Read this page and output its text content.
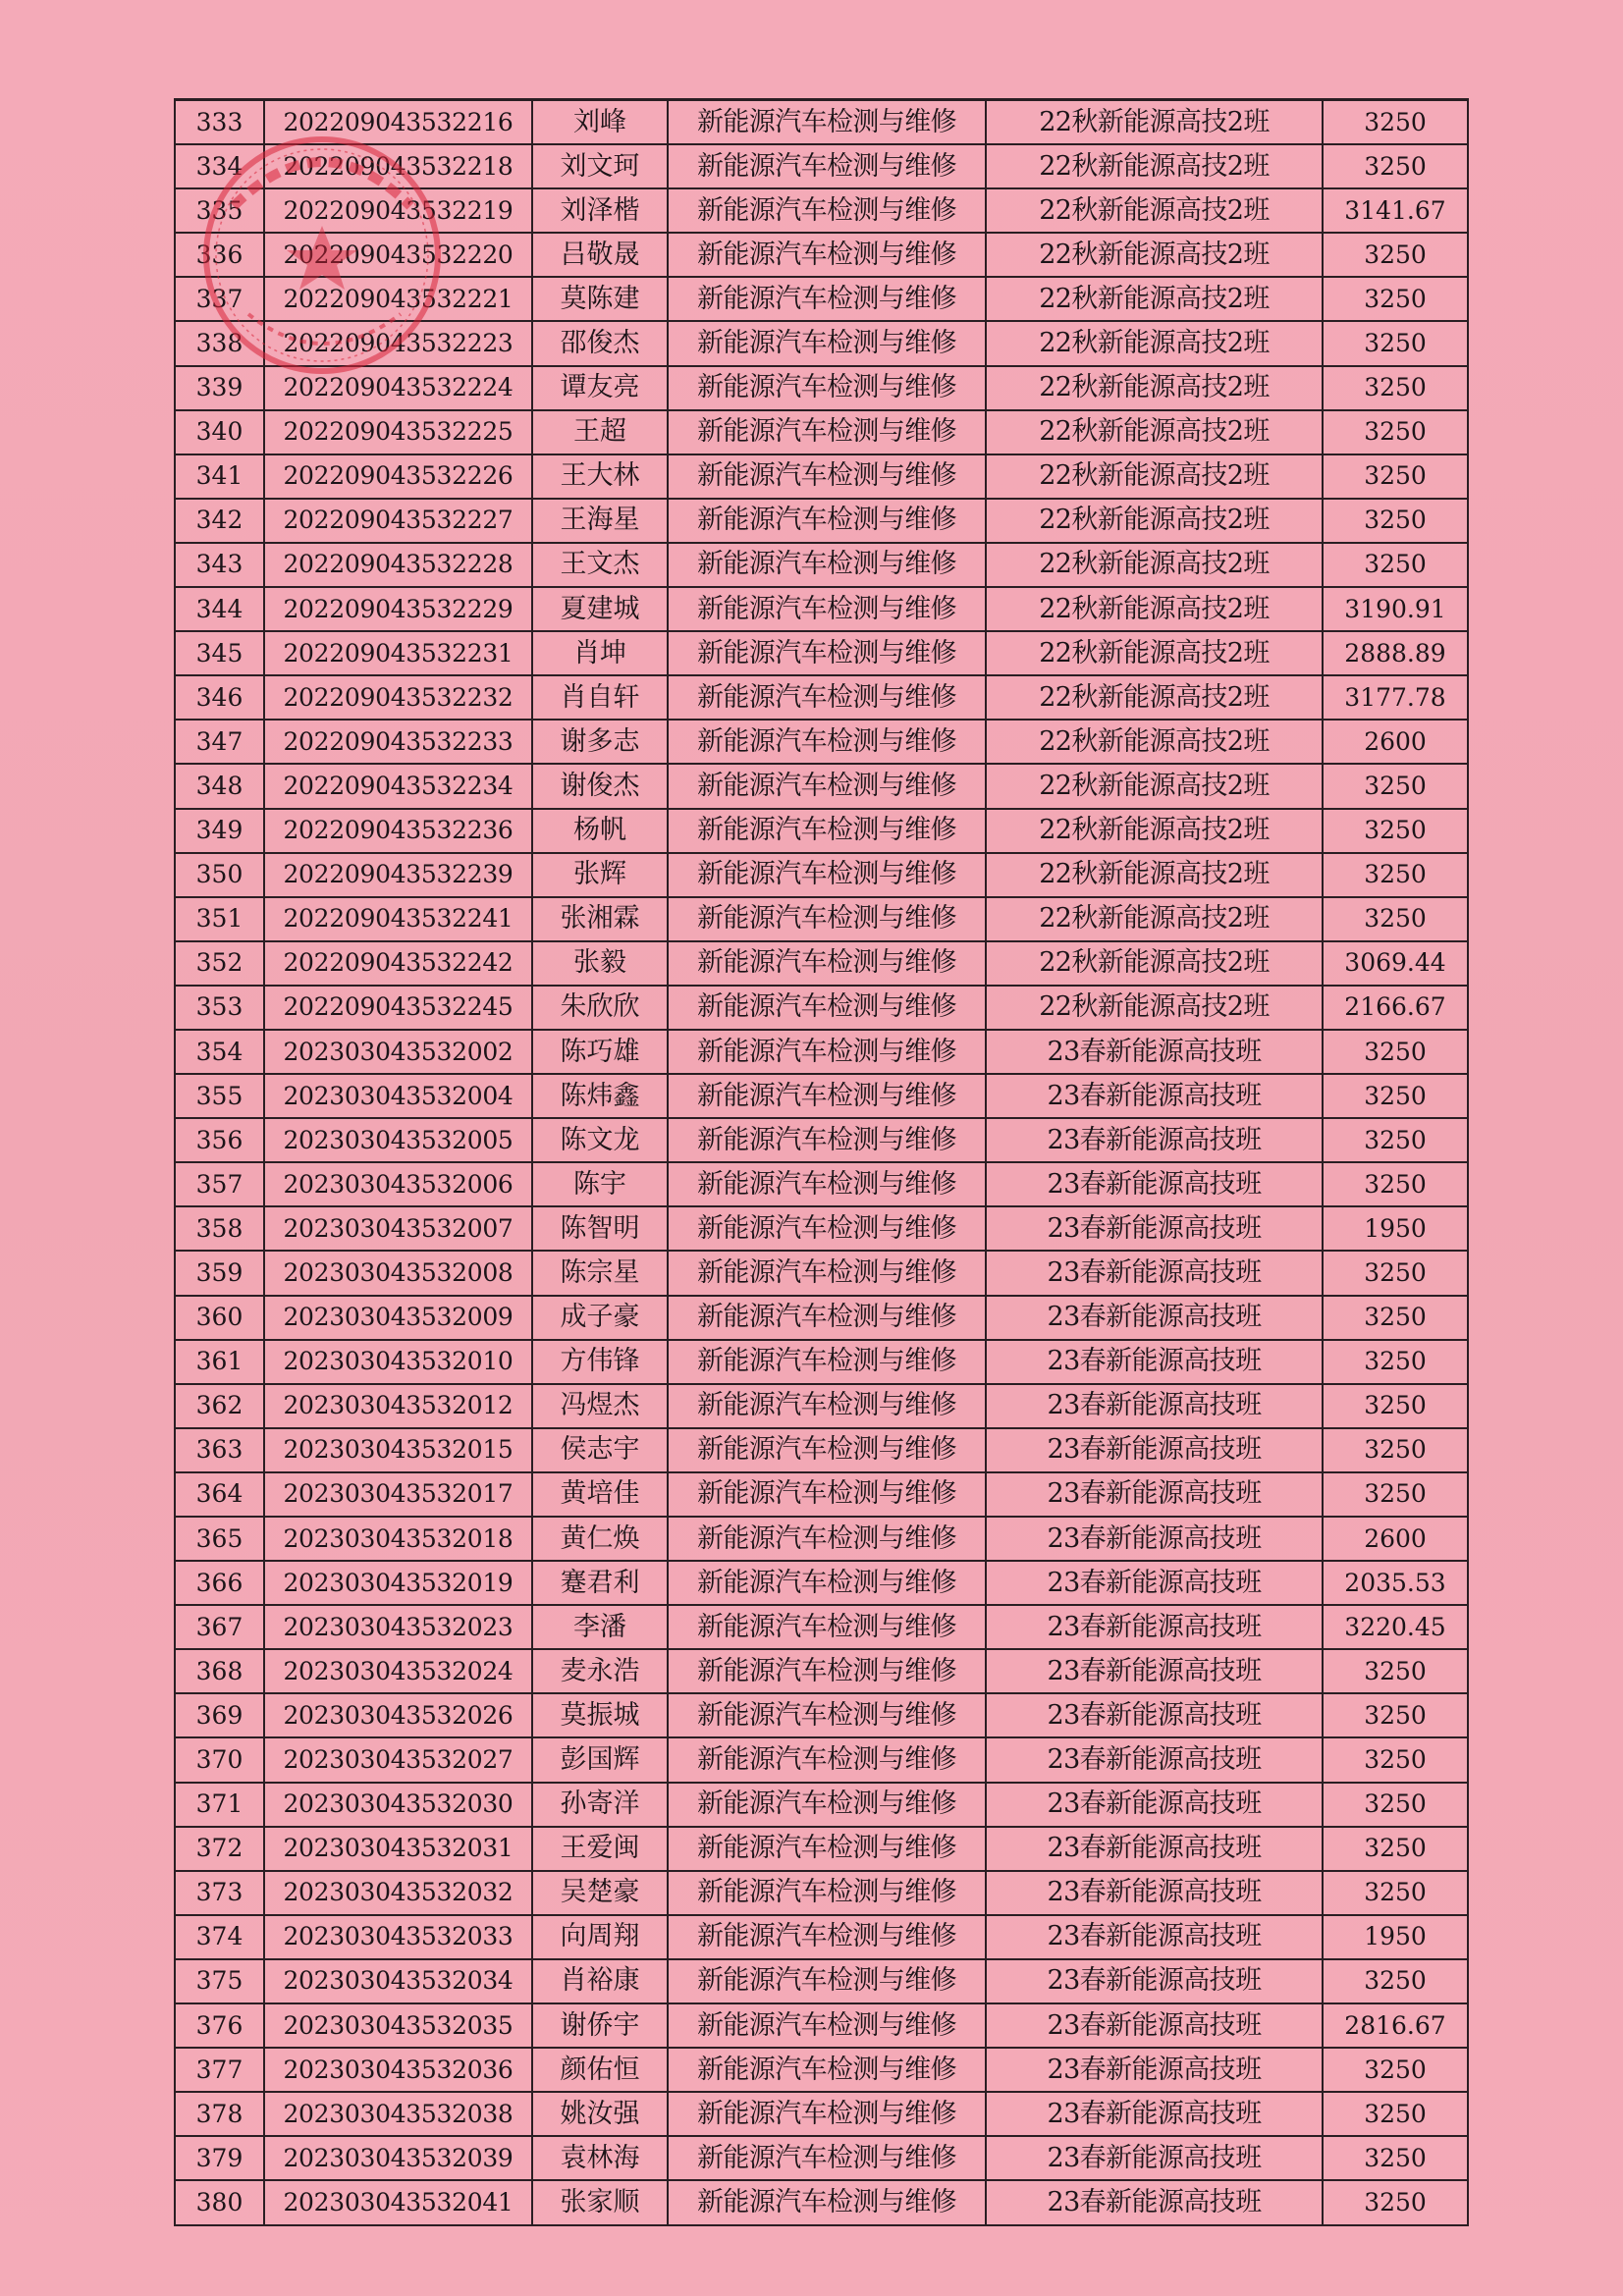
333	202209043532216	刘峰	新能源汽车检测与维修	22秋新能源高技2班	3250
334	202209043532218	刘文珂	新能源汽车检测与维修	22秋新能源高技2班	3250
335	202209043532219	刘泽楷	新能源汽车检测与维修	22秋新能源高技2班	3141.67
336	202209043532220	吕敬晟	新能源汽车检测与维修	22秋新能源高技2班	3250
337	202209043532221	莫陈建	新能源汽车检测与维修	22秋新能源高技2班	3250
338	202209043532223	邵俊杰	新能源汽车检测与维修	22秋新能源高技2班	3250
339	202209043532224	谭友亮	新能源汽车检测与维修	22秋新能源高技2班	3250
340	202209043532225	王超	新能源汽车检测与维修	22秋新能源高技2班	3250
341	202209043532226	王大林	新能源汽车检测与维修	22秋新能源高技2班	3250
342	202209043532227	王海星	新能源汽车检测与维修	22秋新能源高技2班	3250
343	202209043532228	王文杰	新能源汽车检测与维修	22秋新能源高技2班	3250
344	202209043532229	夏建城	新能源汽车检测与维修	22秋新能源高技2班	3190.91
345	202209043532231	肖坤	新能源汽车检测与维修	22秋新能源高技2班	2888.89
346	202209043532232	肖自轩	新能源汽车检测与维修	22秋新能源高技2班	3177.78
347	202209043532233	谢多志	新能源汽车检测与维修	22秋新能源高技2班	2600
348	202209043532234	谢俊杰	新能源汽车检测与维修	22秋新能源高技2班	3250
349	202209043532236	杨帆	新能源汽车检测与维修	22秋新能源高技2班	3250
350	202209043532239	张辉	新能源汽车检测与维修	22秋新能源高技2班	3250
351	202209043532241	张湘霖	新能源汽车检测与维修	22秋新能源高技2班	3250
352	202209043532242	张毅	新能源汽车检测与维修	22秋新能源高技2班	3069.44
353	202209043532245	朱欣欣	新能源汽车检测与维修	22秋新能源高技2班	2166.67
354	202303043532002	陈巧雄	新能源汽车检测与维修	23春新能源高技班	3250
355	202303043532004	陈炜鑫	新能源汽车检测与维修	23春新能源高技班	3250
356	202303043532005	陈文龙	新能源汽车检测与维修	23春新能源高技班	3250
357	202303043532006	陈宇	新能源汽车检测与维修	23春新能源高技班	3250
358	202303043532007	陈智明	新能源汽车检测与维修	23春新能源高技班	1950
359	202303043532008	陈宗星	新能源汽车检测与维修	23春新能源高技班	3250
360	202303043532009	成子豪	新能源汽车检测与维修	23春新能源高技班	3250
361	202303043532010	方伟锋	新能源汽车检测与维修	23春新能源高技班	3250
362	202303043532012	冯煜杰	新能源汽车检测与维修	23春新能源高技班	3250
363	202303043532015	侯志宇	新能源汽车检测与维修	23春新能源高技班	3250
364	202303043532017	黄培佳	新能源汽车检测与维修	23春新能源高技班	3250
365	202303043532018	黄仁焕	新能源汽车检测与维修	23春新能源高技班	2600
366	202303043532019	蹇君利	新能源汽车检测与维修	23春新能源高技班	2035.53
367	202303043532023	李潘	新能源汽车检测与维修	23春新能源高技班	3220.45
368	202303043532024	麦永浩	新能源汽车检测与维修	23春新能源高技班	3250
369	202303043532026	莫振城	新能源汽车检测与维修	23春新能源高技班	3250
370	202303043532027	彭国辉	新能源汽车检测与维修	23春新能源高技班	3250
371	202303043532030	孙寄洋	新能源汽车检测与维修	23春新能源高技班	3250
372	202303043532031	王爱闽	新能源汽车检测与维修	23春新能源高技班	3250
373	202303043532032	吴楚豪	新能源汽车检测与维修	23春新能源高技班	3250
374	202303043532033	向周翔	新能源汽车检测与维修	23春新能源高技班	1950
375	202303043532034	肖裕康	新能源汽车检测与维修	23春新能源高技班	3250
376	202303043532035	谢侨宇	新能源汽车检测与维修	23春新能源高技班	2816.67
377	202303043532036	颜佑恒	新能源汽车检测与维修	23春新能源高技班	3250
378	202303043532038	姚汝强	新能源汽车检测与维修	23春新能源高技班	3250
379	202303043532039	袁林海	新能源汽车检测与维修	23春新能源高技班	3250
380	202303043532041	张家顺	新能源汽车检测与维修	23春新能源高技班	3250
